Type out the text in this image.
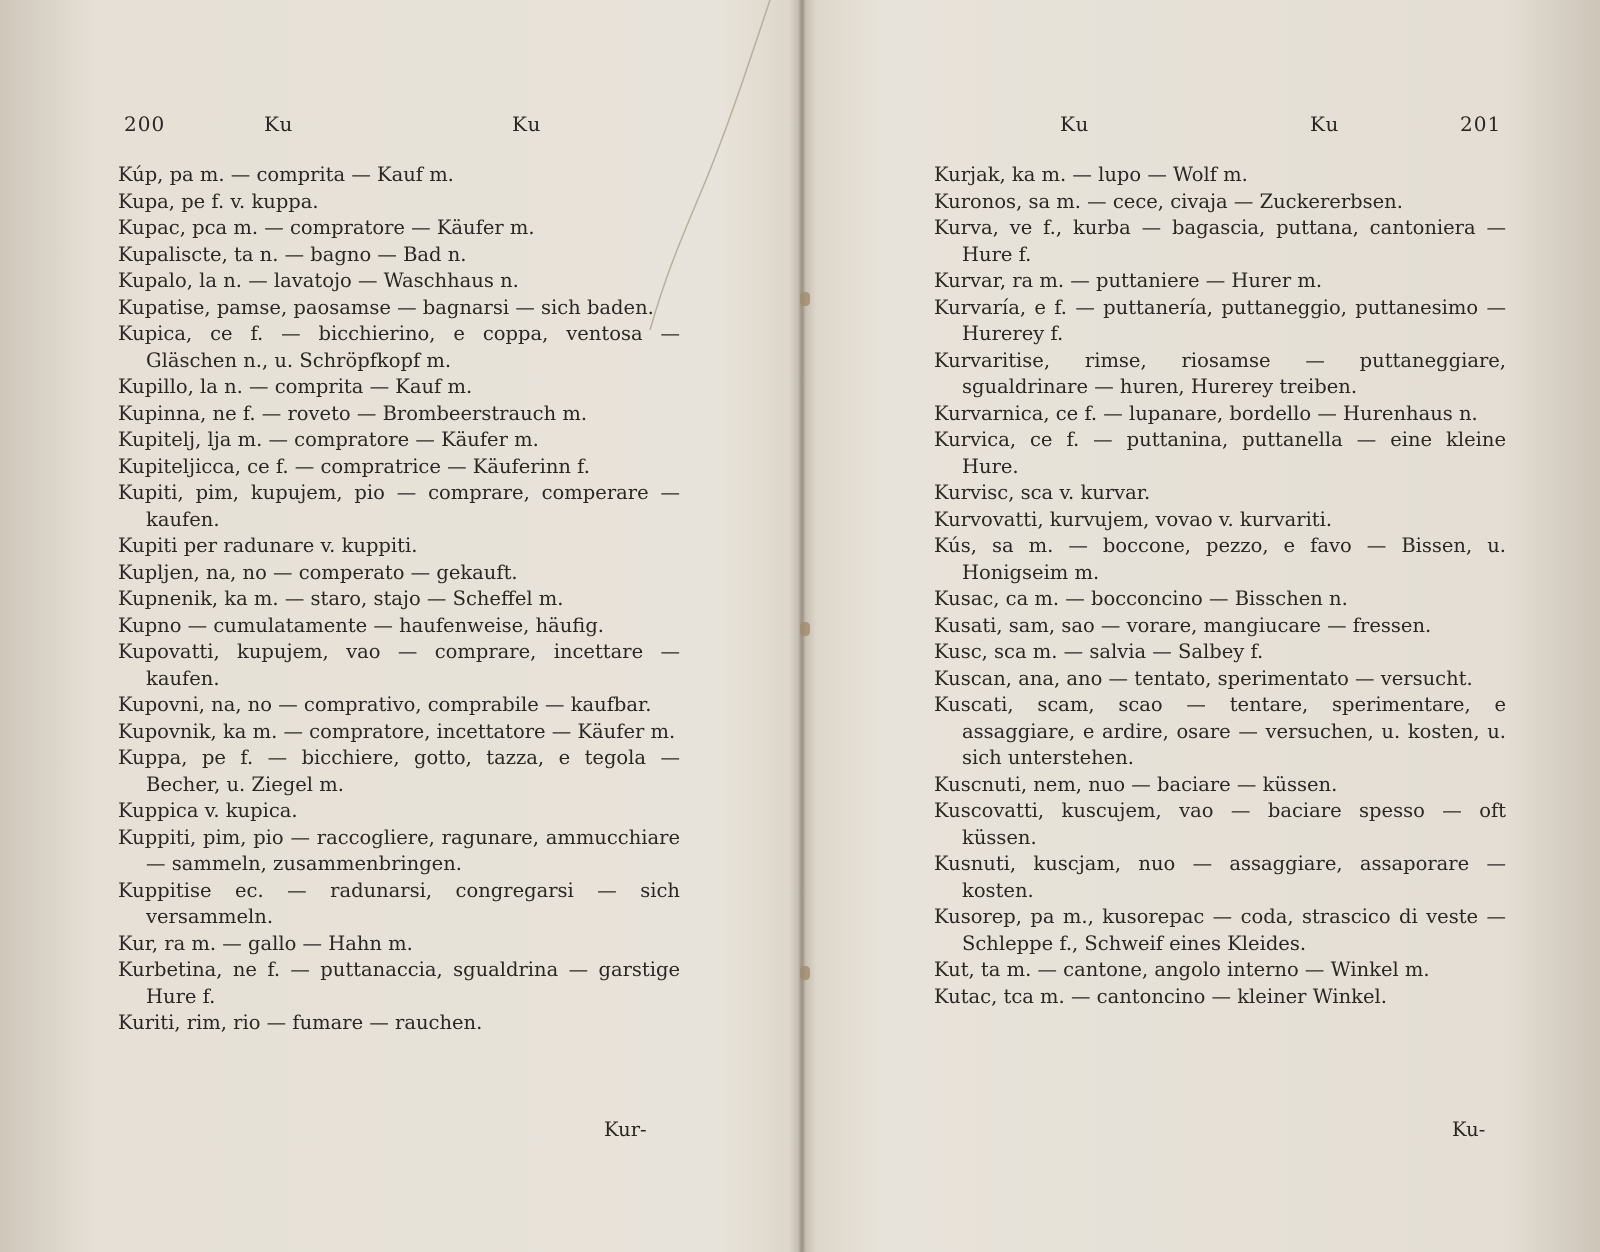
200	Ku	Ku
Kúp, pa m. — comprita — Kauf m.
Kupa, pe f. v. kuppa.
Kupac, pca m. — compratore — Käufer m.
Kupaliscte, ta n. — bagno — Bad n.
Kupalo, la n. — lavatojo — Waschhaus n.
Kupatise, pamse, paosamse — bagnarsi — sich baden.
Kupica, ce f. — bicchierino, e coppa, ventosa — Gläschen n., u. Schröpfkopf m.
Kupillo, la n. — comprita — Kauf m.
Kupinna, ne f. — roveto — Brombeerstrauch m.
Kupitelj, lja m. — compratore — Käufer m.
Kupiteljicca, ce f. — compratrice — Käuferinn f.
Kupiti, pim, kupujem, pio — comprare, comperare — kaufen.
Kupiti per radunare v. kuppiti.
Kupljen, na, no — comperato — gekauft.
Kupnenik, ka m. — staro, stajo — Scheffel m.
Kupno — cumulatamente — haufenweise, häufig.
Kupovatti, kupujem, vao — comprare, incettare — kaufen.
Kupovni, na, no — comprativo, comprabile — kaufbar.
Kupovnik, ka m. — compratore, incettatore — Käufer m.
Kuppa, pe f. — bicchiere, gotto, tazza, e tegola — Becher, u. Ziegel m.
Kuppica v. kupica.
Kuppiti, pim, pio — raccogliere, ragunare, ammucchiare — sammeln, zusammenbringen.
Kuppitise ec. — radunarsi, congregarsi — sich versammeln.
Kur, ra m. — gallo — Hahn m.
Kurbetina, ne f. — puttanaccia, sgualdrina — garstige Hure f.
Kuriti, rim, rio — fumare — rauchen.
Kur-
Ku	Ku	201
Kurjak, ka m. — lupo — Wolf m.
Kuronos, sa m. — cece, civaja — Zuckererbsen.
Kurva, ve f., kurba — bagascia, puttana, cantoniera — Hure f.
Kurvar, ra m. — puttaniere — Hurer m.
Kurvaría, e f. — puttanería, puttaneggio, puttanesimo — Hurerey f.
Kurvaritise, rimse, riosamse — puttaneggiare, sgualdrinare — huren, Hurerey treiben.
Kurvarnica, ce f. — lupanare, bordello — Hurenhaus n.
Kurvica, ce f. — puttanina, puttanella — eine kleine Hure.
Kurvisc, sca v. kurvar.
Kurvovatti, kurvujem, vovao v. kurvariti.
Kús, sa m. — boccone, pezzo, e favo — Bissen, u. Honigseim m.
Kusac, ca m. — bocconcino — Bisschen n.
Kusati, sam, sao — vorare, mangiucare — fressen.
Kusc, sca m. — salvia — Salbey f.
Kuscan, ana, ano — tentato, sperimentato — versucht.
Kuscati, scam, scao — tentare, sperimentare, e assaggiare, e ardire, osare — versuchen, u. kosten, u. sich unterstehen.
Kuscnuti, nem, nuo — baciare — küssen.
Kuscovatti, kuscujem, vao — baciare spesso — oft küssen.
Kusnuti, kuscjam, nuo — assaggiare, assaporare — kosten.
Kusorep, pa m., kusorepac — coda, strascico di veste — Schleppe f., Schweif eines Kleides.
Kut, ta m. — cantone, angolo interno — Winkel m.
Kutac, tca m. — cantoncino — kleiner Winkel.
Ku-
